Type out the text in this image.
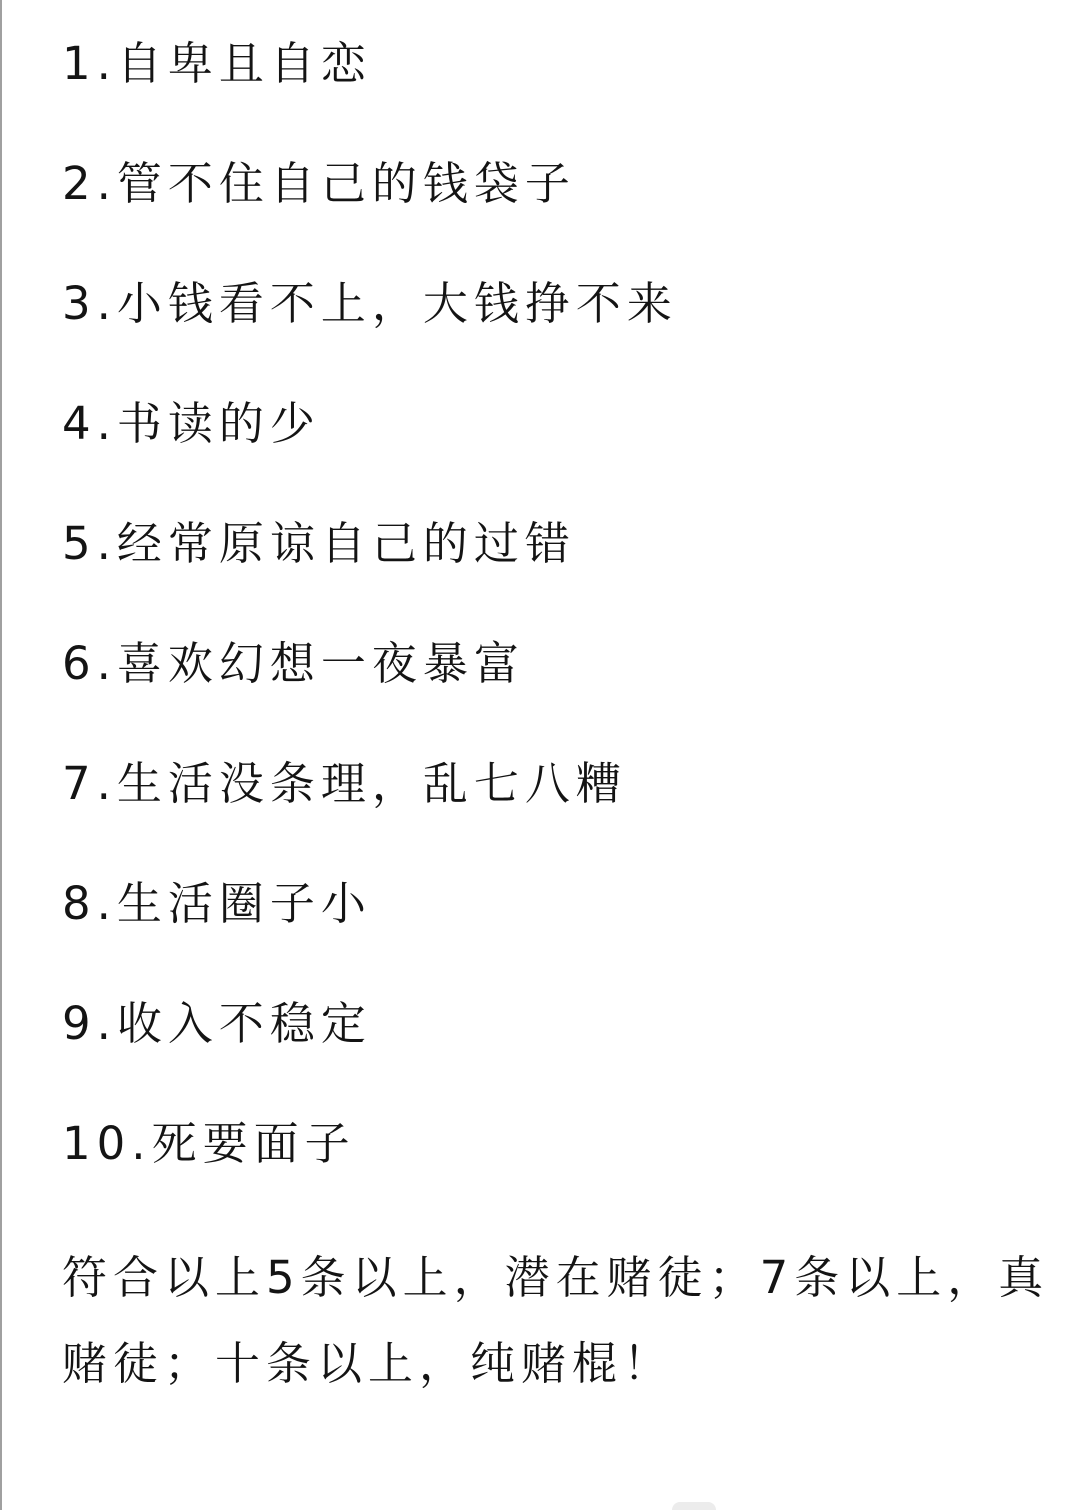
1.自卑且自恋
2.管不住自己的钱袋子
3.小钱看不上，大钱挣不来
4.书读的少
5.经常原谅自己的过错
6.喜欢幻想一夜暴富
7.生活没条理，乱七八糟
8.生活圈子小
9.收入不稳定
10.死要面子
符合以上5条以上，潜在赌徒；7条以上，真赌徒；十条以上，纯赌棍！
